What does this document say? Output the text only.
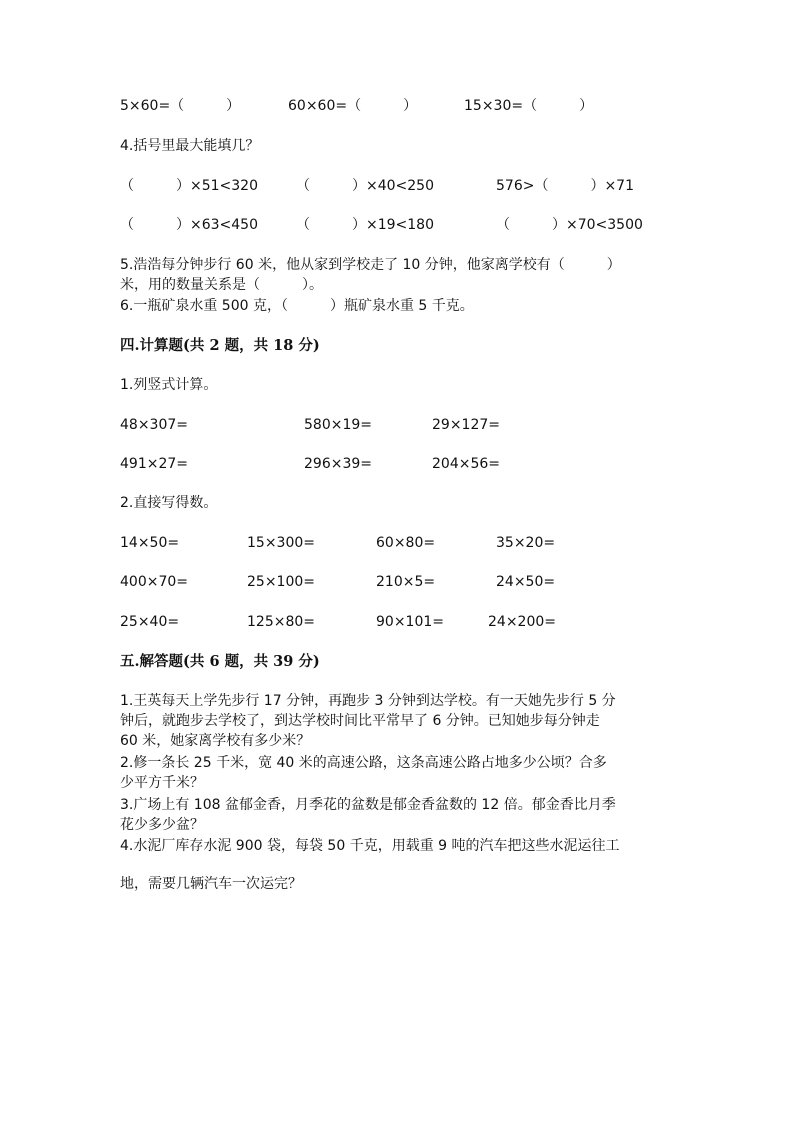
5×60=（　　　）	60×60=（　　　）	15×30=（　　　）
4.括号里最大能填几？
（　　　）×51<320	（　　　）×40<250	576>（　　　）×71
（　　　）×63<450	（　　　）×19<180	（　　　）×70<3500
5.浩浩每分钟步行 60 米，他从家到学校走了 10 分钟，他家离学校有（　　　）
米，用的数量关系是（　　　）。
6.一瓶矿泉水重 500 克，（　　　）瓶矿泉水重 5 千克。
四.计算题(共 2 题，共 18 分)
1.列竖式计算。
48×307=	580×19=	29×127=
491×27=	296×39=	204×56=
2.直接写得数。
14×50=	15×300=	60×80=	35×20=
400×70=	25×100=	210×5=	24×50=
25×40=	125×80=	90×101=	24×200=
五.解答题(共 6 题，共 39 分)
1.王英每天上学先步行 17 分钟，再跑步 3 分钟到达学校。有一天她先步行 5 分
钟后，就跑步去学校了，到达学校时间比平常早了 6 分钟。已知她步每分钟走
60 米，她家离学校有多少米？
2.修一条长 25 千米，宽 40 米的高速公路，这条高速公路占地多少公顷？合多
少平方千米？
3.广场上有 108 盆郁金香，月季花的盆数是郁金香盆数的 12 倍。郁金香比月季
花少多少盆？
4.水泥厂库存水泥 900 袋，每袋 50 千克，用载重 9 吨的汽车把这些水泥运往工
地，需要几辆汽车一次运完？
